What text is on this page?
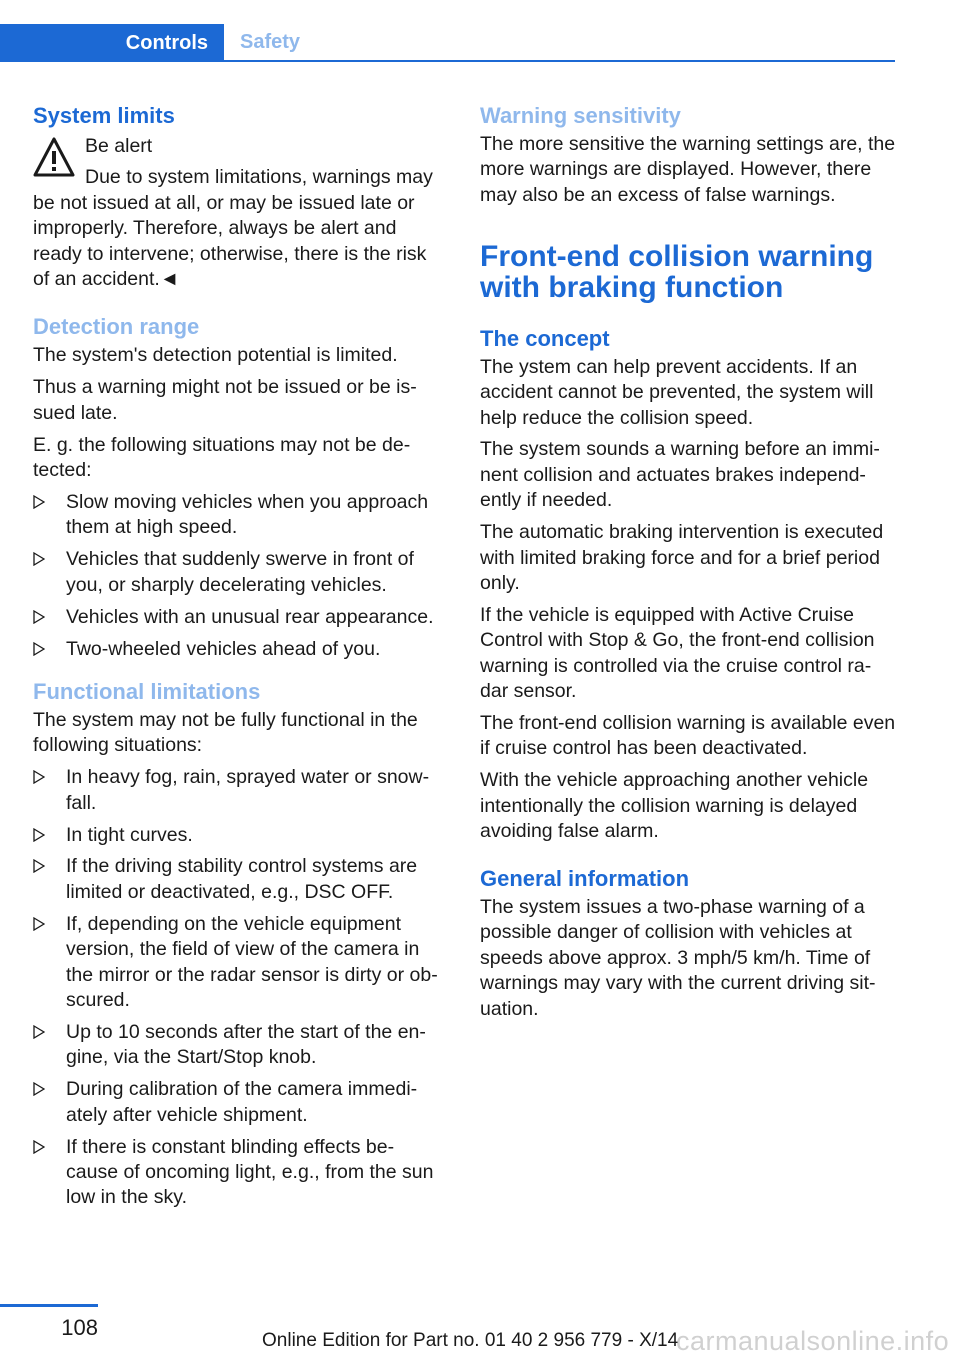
Controls	Safety
System limits

Be alert

Due to system limitations, warnings may be not issued at all, or may be issued late or improperly. Therefore, always be alert and ready to intervene; otherwise, there is the risk of an accident.◄

Detection range

The system's detection potential is limited.

Thus a warning might not be issued or be is-sued late.

E. g. the following situations may not be de-tected:

Slow moving vehicles when you approach them at high speed.
Vehicles that suddenly swerve in front of you, or sharply decelerating vehicles.
Vehicles with an unusual rear appearance.
Two-wheeled vehicles ahead of you.
Functional limitations

The system may not be fully functional in the following situations:

In heavy fog, rain, sprayed water or snow-fall.
In tight curves.
If the driving stability control systems are limited or deactivated, e.g., DSC OFF.
If, depending on the vehicle equipment version, the field of view of the camera in the mirror or the radar sensor is dirty or ob-scured.
Up to 10 seconds after the start of the en-gine, via the Start/Stop knob.
During calibration of the camera immedi-ately after vehicle shipment.
If there is constant blinding effects be-cause of oncoming light, e.g., from the sun low in the sky.
Warning sensitivity

The more sensitive the warning settings are, the more warnings are displayed. However, there may also be an excess of false warnings.

Front-end collision warning with braking function
The concept

The ystem can help prevent accidents. If an accident cannot be prevented, the system will help reduce the collision speed.

The system sounds a warning before an immi-nent collision and actuates brakes independ-ently if needed.

The automatic braking intervention is executed with limited braking force and for a brief period only.

If the vehicle is equipped with Active Cruise Control with Stop & Go, the front-end collision warning is controlled via the cruise control ra-dar sensor.

The front-end collision warning is available even if cruise control has been deactivated.

With the vehicle approaching another vehicle intentionally the collision warning is delayed avoiding false alarm.

General information

The system issues a two-phase warning of a possible danger of collision with vehicles at speeds above approx. 3 mph/5 km/h. Time of warnings may vary with the current driving sit-uation.

108
Online Edition for Part no. 01 40 2 956 779 - X/14
carmanualsonline.info
